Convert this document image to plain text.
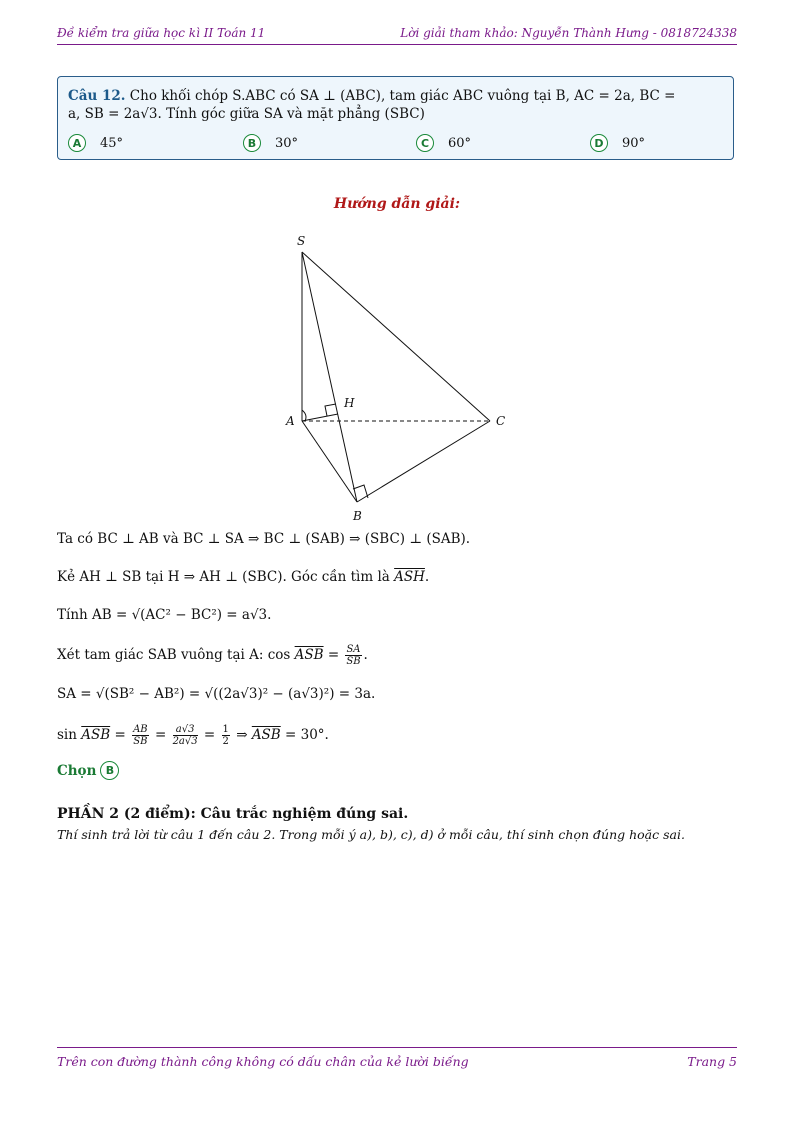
Đề kiểm tra giữa học kì II Toán 11	Lời giải tham khảo: Nguyễn Thành Hưng - 0818724338
Câu 12. Cho khối chóp S.ABC có SA ⊥ (ABC), tam giác ABC vuông tại B, AC = 2a, BC =
a, SB = 2a√3. Tính góc giữa SA và mặt phẳng (SBC)
A	45°	B	30°	C	60°	D	90°
Hướng dẫn giải:
S
H
A	C
B
Ta có BC ⊥ AB và BC ⊥ SA ⇒ BC ⊥ (SAB) ⇒ (SBC) ⊥ (SAB).
Kẻ AH ⊥ SB tại H ⇒ AH ⊥ (SBC). Góc cần tìm là $\overline{ASH}$.
Tính AB = √(AC² − BC²) = a√3.
Xét tam giác SAB vuông tại A: $\cos \overline{ASB} = \frac{SA}{SB}$ .
SA = √(SB² − AB²) = √((2a√3)² − (a√3)²) = 3a.
$\sin \overline{ASB} = \frac{AB}{SB} = \frac{a√3}{2a√3} = \frac{1}{2}$ ⇒ $\overline{ASB} = 30^\circ$.
Chọn B
PHẦN 2 (2 điểm): Câu trắc nghiệm đúng sai.
Thí sinh trả lời từ câu 1 đến câu 2. Trong mỗi ý a), b), c), d) ở mỗi câu, thí sinh chọn đúng hoặc sai.
Trên con đường thành công không có dấu chân của kẻ lười biếng	Trang 5
